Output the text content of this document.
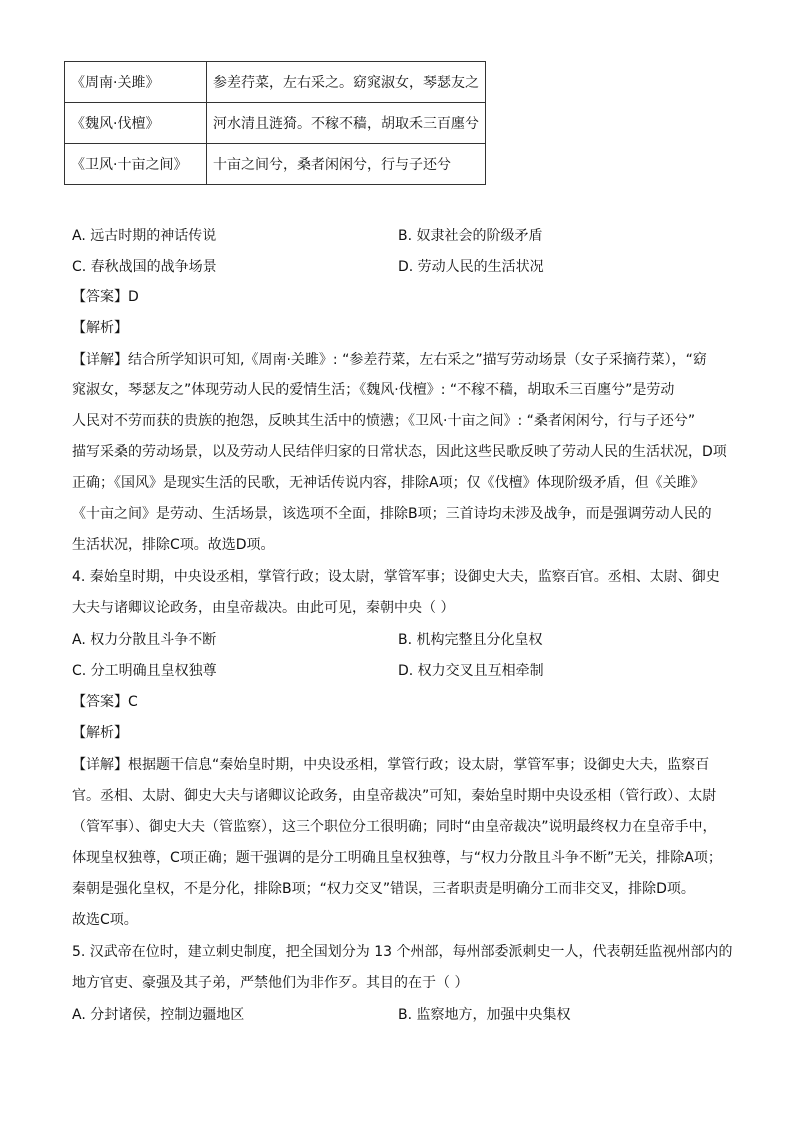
《周南·关雎》	参差荇菜，左右采之。窈窕淑女，琴瑟友之
《魏风·伐檀》	河水清且涟猗。不稼不穑，胡取禾三百廛兮
《卫风·十亩之间》	十亩之间兮，桑者闲闲兮，行与子还兮
A. 远古时期的神话传说	B. 奴隶社会的阶级矛盾
C. 春秋战国的战争场景	D. 劳动人民的生活状况
【答案】D
【解析】
【详解】结合所学知识可知,《周南·关雎》: “参差荇菜，左右采之”描写劳动场景（女子采摘荇菜），“窈
窕淑女，琴瑟友之”体现劳动人民的爱情生活；《魏风·伐檀》: “不稼不穑，胡取禾三百廛兮”是劳动
人民对不劳而获的贵族的抱怨，反映其生活中的愤懑；《卫风·十亩之间》: “桑者闲闲兮，行与子还兮”
描写采桑的劳动场景，以及劳动人民结伴归家的日常状态，因此这些民歌反映了劳动人民的生活状况，D项
正确；《国风》是现实生活的民歌，无神话传说内容，排除A项；仅《伐檀》体现阶级矛盾，但《关雎》
《十亩之间》是劳动、生活场景，该选项不全面，排除B项；三首诗均未涉及战争，而是强调劳动人民的
生活状况，排除C项。故选D项。
4. 秦始皇时期，中央设丞相，掌管行政；设太尉，掌管军事；设御史大夫，监察百官。丞相、太尉、御史
大夫与诸卿议论政务，由皇帝裁决。由此可见，秦朝中央（ ）
A. 权力分散且斗争不断	B. 机构完整且分化皇权
C. 分工明确且皇权独尊	D. 权力交叉且互相牵制
【答案】C
【解析】
【详解】根据题干信息“秦始皇时期，中央设丞相，掌管行政；设太尉，掌管军事；设御史大夫，监察百
官。丞相、太尉、御史大夫与诸卿议论政务，由皇帝裁决”可知，秦始皇时期中央设丞相（管行政）、太尉
（管军事）、御史大夫（管监察），这三个职位分工很明确；同时“由皇帝裁决”说明最终权力在皇帝手中，
体现皇权独尊，C项正确；题干强调的是分工明确且皇权独尊，与“权力分散且斗争不断”无关，排除A项；
秦朝是强化皇权，不是分化，排除B项；“权力交叉”错误，三者职责是明确分工而非交叉，排除D项。
故选C项。
5. 汉武帝在位时，建立刺史制度，把全国划分为 13 个州部，每州部委派刺史一人，代表朝廷监视州部内的
地方官吏、豪强及其子弟，严禁他们为非作歹。其目的在于（ ）
A. 分封诸侯，控制边疆地区	B. 监察地方，加强中央集权
